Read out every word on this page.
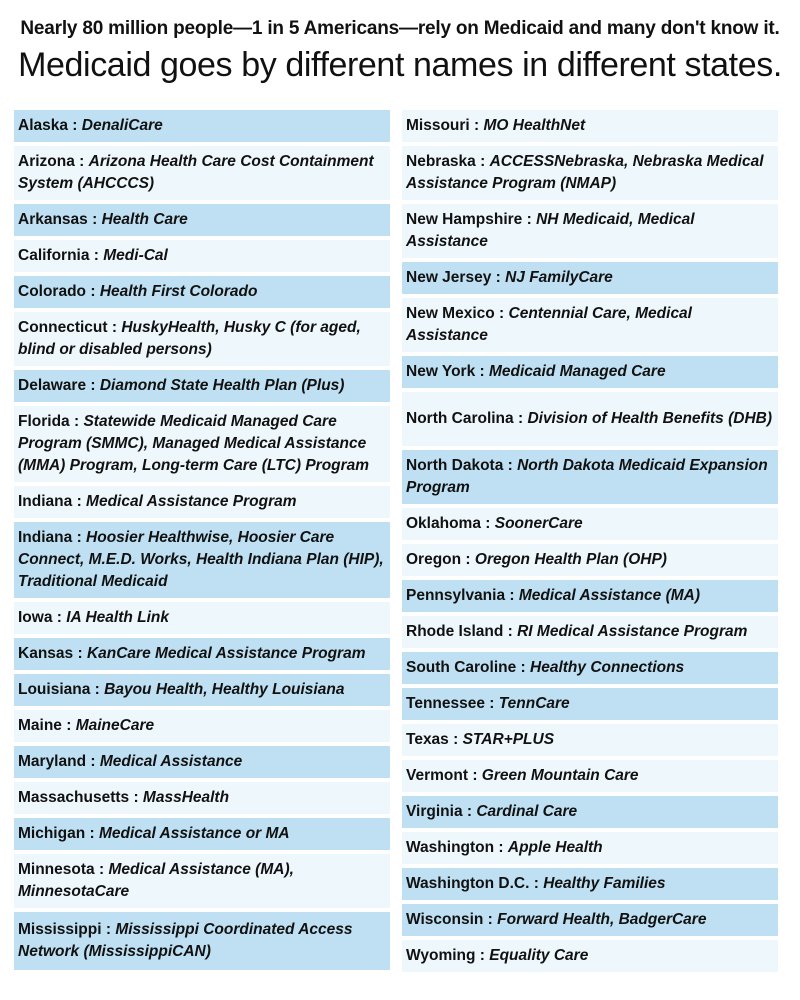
Nearly 80 million people—1 in 5 Americans—rely on Medicaid and many don't know it.

Medicaid goes by different names in different states.
Alaska : DenaliCare
Arizona : Arizona Health Care Cost Containment System (AHCCCS)
Arkansas : Health Care
California : Medi-Cal
Colorado : Health First Colorado
Connecticut : HuskyHealth, Husky C (for aged, blind or disabled persons)
Delaware : Diamond State Health Plan (Plus)
Florida : Statewide Medicaid Managed Care Program (SMMC), Managed Medical Assistance (MMA) Program, Long-term Care (LTC) Program
Indiana : Medical Assistance Program
Indiana : Hoosier Healthwise, Hoosier Care Connect, M.E.D. Works, Health Indiana Plan (HIP), Traditional Medicaid
Iowa : IA Health Link
Kansas : KanCare Medical Assistance Program
Louisiana : Bayou Health, Healthy Louisiana
Maine : MaineCare
Maryland : Medical Assistance
Massachusetts : MassHealth
Michigan : Medical Assistance or MA
Minnesota : Medical Assistance (MA), MinnesotaCare
Mississippi : Mississippi Coordinated Access Network (MississippiCAN)
Missouri : MO HealthNet
Nebraska : ACCESSNebraska, Nebraska Medical Assistance Program (NMAP)
New Hampshire : NH Medicaid, Medical Assistance
New Jersey : NJ FamilyCare
New Mexico : Centennial Care, Medical Assistance
New York : Medicaid Managed Care
North Carolina : Division of Health Benefits (DHB)
North Dakota : North Dakota Medicaid Expansion Program
Oklahoma : SoonerCare
Oregon : Oregon Health Plan (OHP)
Pennsylvania : Medical Assistance (MA)
Rhode Island : RI Medical Assistance Program
South Caroline : Healthy Connections
Tennessee : TennCare
Texas : STAR+PLUS
Vermont : Green Mountain Care
Virginia : Cardinal Care
Washington : Apple Health
Washington D.C. : Healthy Families
Wisconsin : Forward Health, BadgerCare
Wyoming : Equality Care
